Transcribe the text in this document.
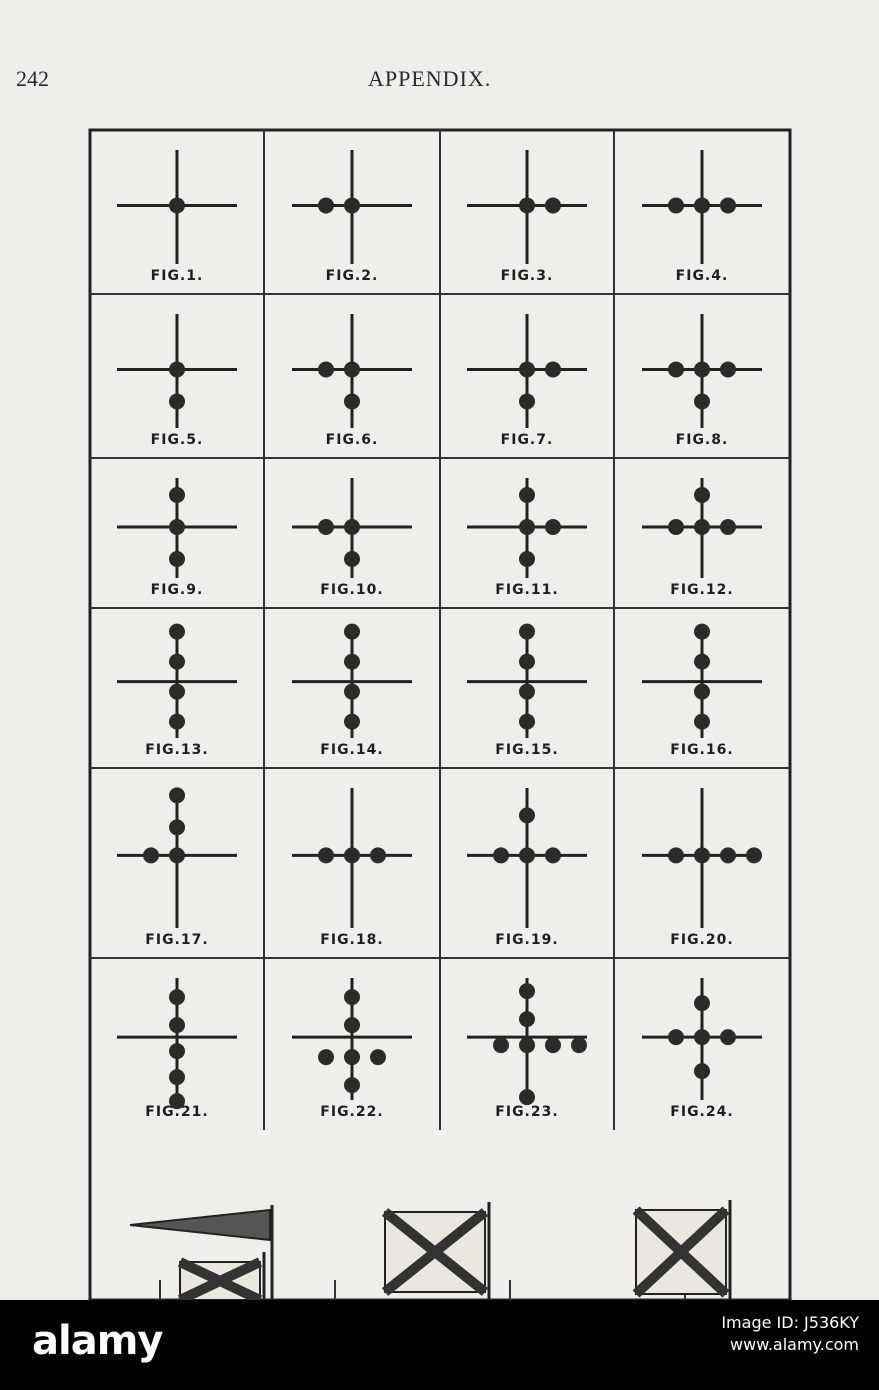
242	APPENDIX.
FIG.1.	FIG.2.	FIG.3.	FIG.4.
FIG.5.	FIG.6.	FIG.7.	FIG.8.
FIG.9.	FIG.10.	FIG.11.	FIG.12.
FIG.13.	FIG.14.	FIG.15.	FIG.16.
FIG.17.	FIG.18.	FIG.19.	FIG.20.
FIG.21.	FIG.22.	FIG.23.	FIG.24.
alamy	Image ID: J536KY
www.alamy.com
